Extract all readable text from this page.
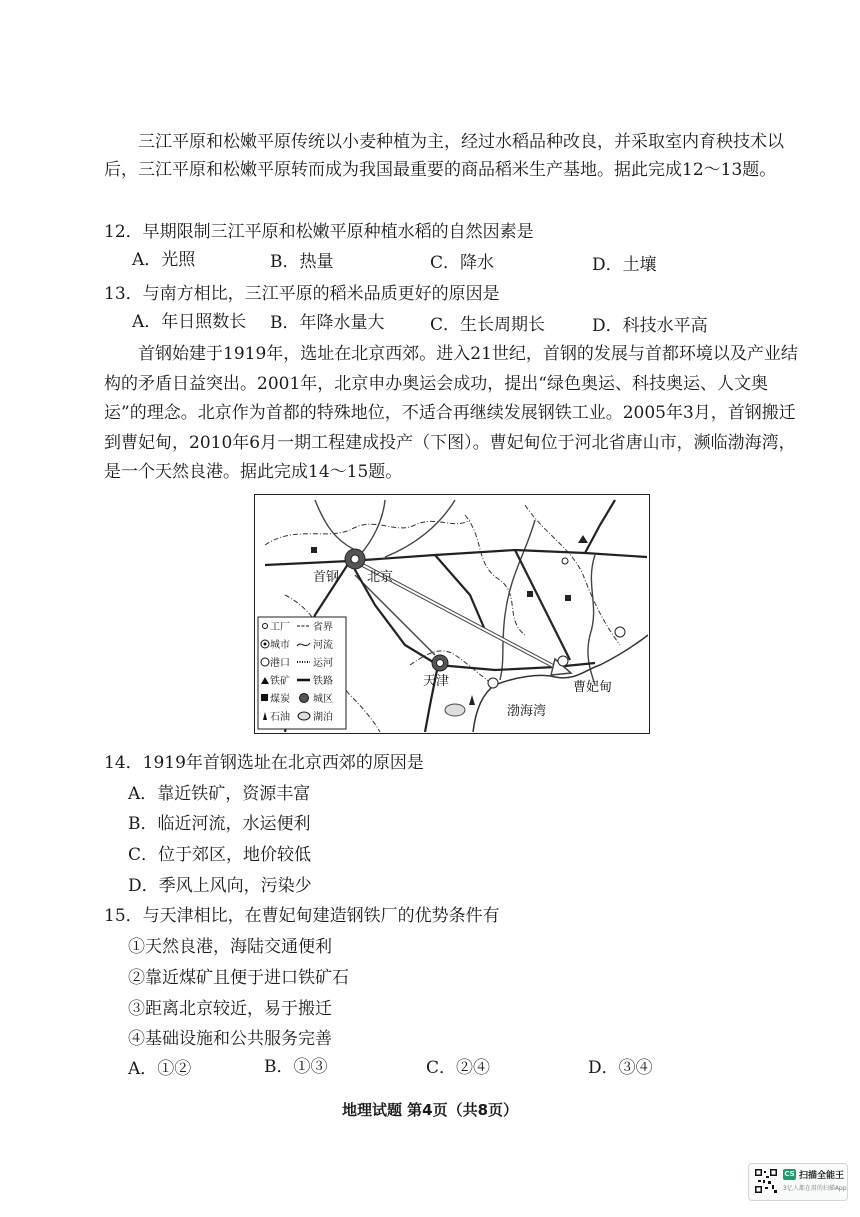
三江平原和松嫩平原传统以小麦种植为主，经过水稻品种改良，并采取室内育秧技术以后，三江平原和松嫩平原转而成为我国最重要的商品稻米生产基地。据此完成12～13题。

12．早期限制三江平原和松嫩平原种植水稻的自然因素是
A．光照	B．热量	C．降水	D．土壤
13．与南方相比，三江平原的稻米品质更好的原因是
A．年日照数长 B．年降水量大	C．生长周期长	D．科技水平高

首钢始建于1919年，选址在北京西郊。进入21世纪，首钢的发展与首都环境以及产业结构的矛盾日益突出。2001年，北京申办奥运会成功，提出“绿色奥运、科技奥运、人文奥运”的理念。北京作为首都的特殊地位，不适合再继续发展钢铁工业。2005年3月，首钢搬迁到曹妃甸，2010年6月一期工程建成投产（下图）。曹妃甸位于河北省唐山市，濒临渤海湾，是一个天然良港。据此完成14～15题。

工厂 省界
城市 河流
港口 运河
铁矿 铁路
煤炭 城区
石油 湖泊
首钢 北京
天津	曹妃甸
渤海湾
14．1919年首钢选址在北京西郊的原因是
A．靠近铁矿，资源丰富
B．临近河流，水运便利
C．位于郊区，地价较低
D．季风上风向，污染少
15．与天津相比，在曹妃甸建造钢铁厂的优势条件有
①天然良港，海陆交通便利
②靠近煤矿且便于进口铁矿石
③距离北京较近，易于搬迁
④基础设施和公共服务完善
A．①②	B．①③	C．②④	D．③④
地理试题 第4页（共8页）
CS 扫描全能王
3亿人都在用的扫描App
